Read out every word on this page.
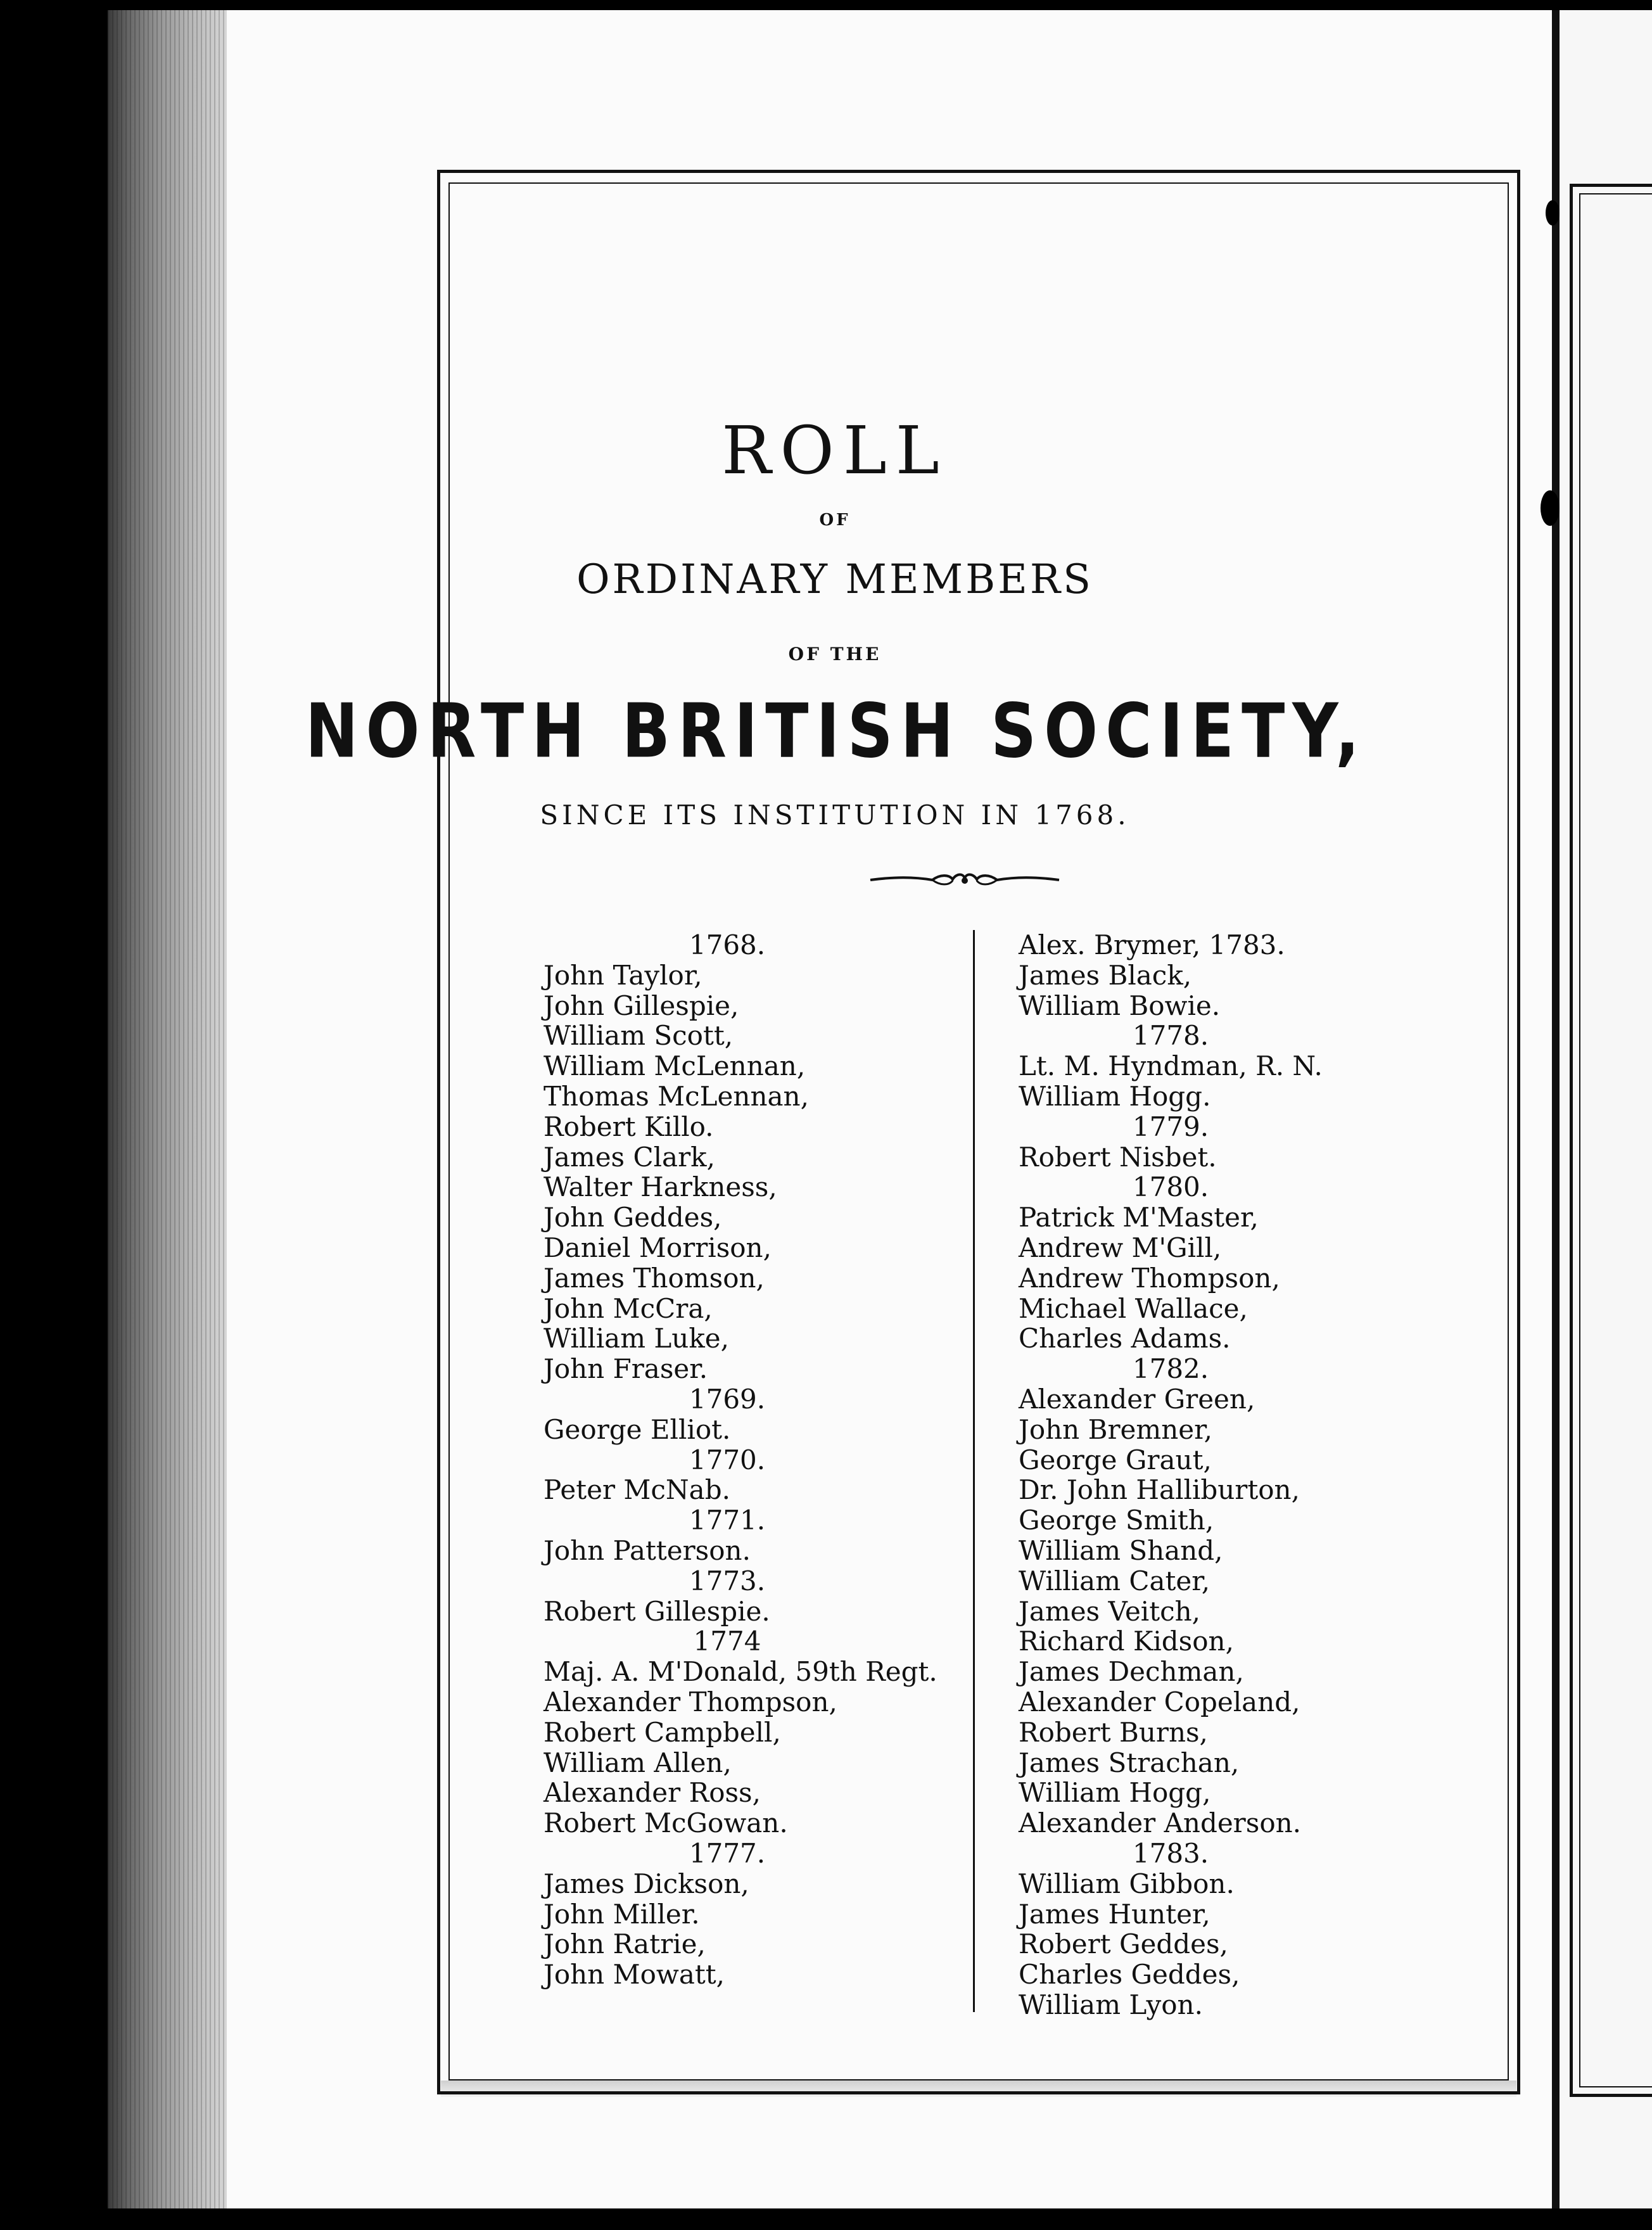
ROLL
OF
ORDINARY MEMBERS
OF THE
NORTH BRITISH SOCIETY,
SINCE ITS INSTITUTION IN 1768.
1768.
John Taylor,
John Gillespie,
William Scott,
William McLennan,
Thomas McLennan,
Robert Killo.
James Clark,
Walter Harkness,
John Geddes,
Daniel Morrison,
James Thomson,
John McCra,
William Luke,
John Fraser.
1769.
George Elliot.
1770.
Peter McNab.
1771.
John Patterson.
1773.
Robert Gillespie.
1774
Maj. A. M'Donald, 59th Regt.
Alexander Thompson,
Robert Campbell,
William Allen,
Alexander Ross,
Robert McGowan.
1777.
James Dickson,
John Miller.
John Ratrie,
John Mowatt,
Alex. Brymer, 1783.
James Black,
William Bowie.
1778.
Lt. M. Hyndman, R. N.
William Hogg.
1779.
Robert Nisbet.
1780.
Patrick M'Master,
Andrew M'Gill,
Andrew Thompson,
Michael Wallace,
Charles Adams.
1782.
Alexander Green,
John Bremner,
George Graut,
Dr. John Halliburton,
George Smith,
William Shand,
William Cater,
James Veitch,
Richard Kidson,
James Dechman,
Alexander Copeland,
Robert Burns,
James Strachan,
William Hogg,
Alexander Anderson.
1783.
William Gibbon.
James Hunter,
Robert Geddes,
Charles Geddes,
William Lyon.
